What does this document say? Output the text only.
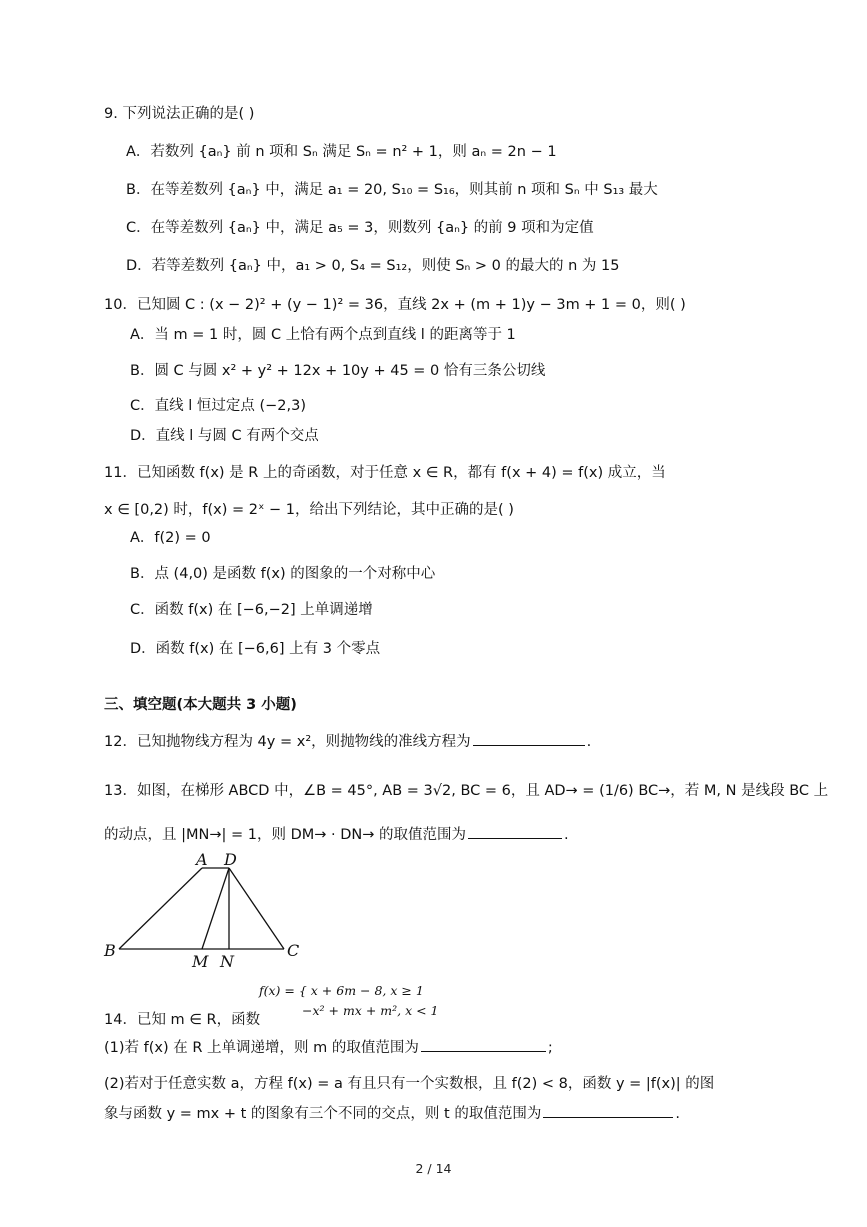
9. 下列说法正确的是( )
A．若数列 {aₙ} 前 n 项和 Sₙ 满足 Sₙ = n² + 1，则 aₙ = 2n − 1
B．在等差数列 {aₙ} 中，满足 a₁ = 20, S₁₀ = S₁₆，则其前 n 项和 Sₙ 中 S₁₃ 最大
C．在等差数列 {aₙ} 中，满足 a₅ = 3，则数列 {aₙ} 的前 9 项和为定值
D．若等差数列 {aₙ} 中，a₁ > 0, S₄ = S₁₂，则使 Sₙ > 0 的最大的 n 为 15
10．已知圆 C : (x − 2)² + (y − 1)² = 36，直线 2x + (m + 1)y − 3m + 1 = 0，则( )
A．当 m = 1 时，圆 C 上恰有两个点到直线 l 的距离等于 1
B．圆 C 与圆 x² + y² + 12x + 10y + 45 = 0 恰有三条公切线
C．直线 l 恒过定点 (−2,3)
D．直线 l 与圆 C 有两个交点
11．已知函数 f(x) 是 R 上的奇函数，对于任意 x ∈ R，都有 f(x + 4) = f(x) 成立，当
x ∈ [0,2) 时，f(x) = 2ˣ − 1，给出下列结论，其中正确的是( )
A．f(2) = 0
B．点 (4,0) 是函数 f(x) 的图象的一个对称中心
C．函数 f(x) 在 [−6,−2] 上单调递增
D．函数 f(x) 在 [−6,6] 上有 3 个零点
三、填空题(本大题共 3 小题)
12．已知抛物线方程为 4y = x²，则抛物线的准线方程为	.
13．如图，在梯形 ABCD 中，∠B = 45°, AB = 3√2, BC = 6，且 AD→ = (1/6) BC→，若 M, N 是线段 BC 上
的动点，且 |MN→| = 1，则 DM→ · DN→ 的取值范围为	.
A D
B
M N
C
f(x) = { x + 6m − 8, x ≥ 1
−x² + mx + m², x < 1
14．已知 m ∈ R，函数
(1)若 f(x) 在 R 上单调递增，则 m 的取值范围为	;
(2)若对于任意实数 a，方程 f(x) = a 有且只有一个实数根，且 f(2) < 8，函数 y = |f(x)| 的图
象与函数 y = mx + t 的图象有三个不同的交点，则 t 的取值范围为	.
2 / 14
